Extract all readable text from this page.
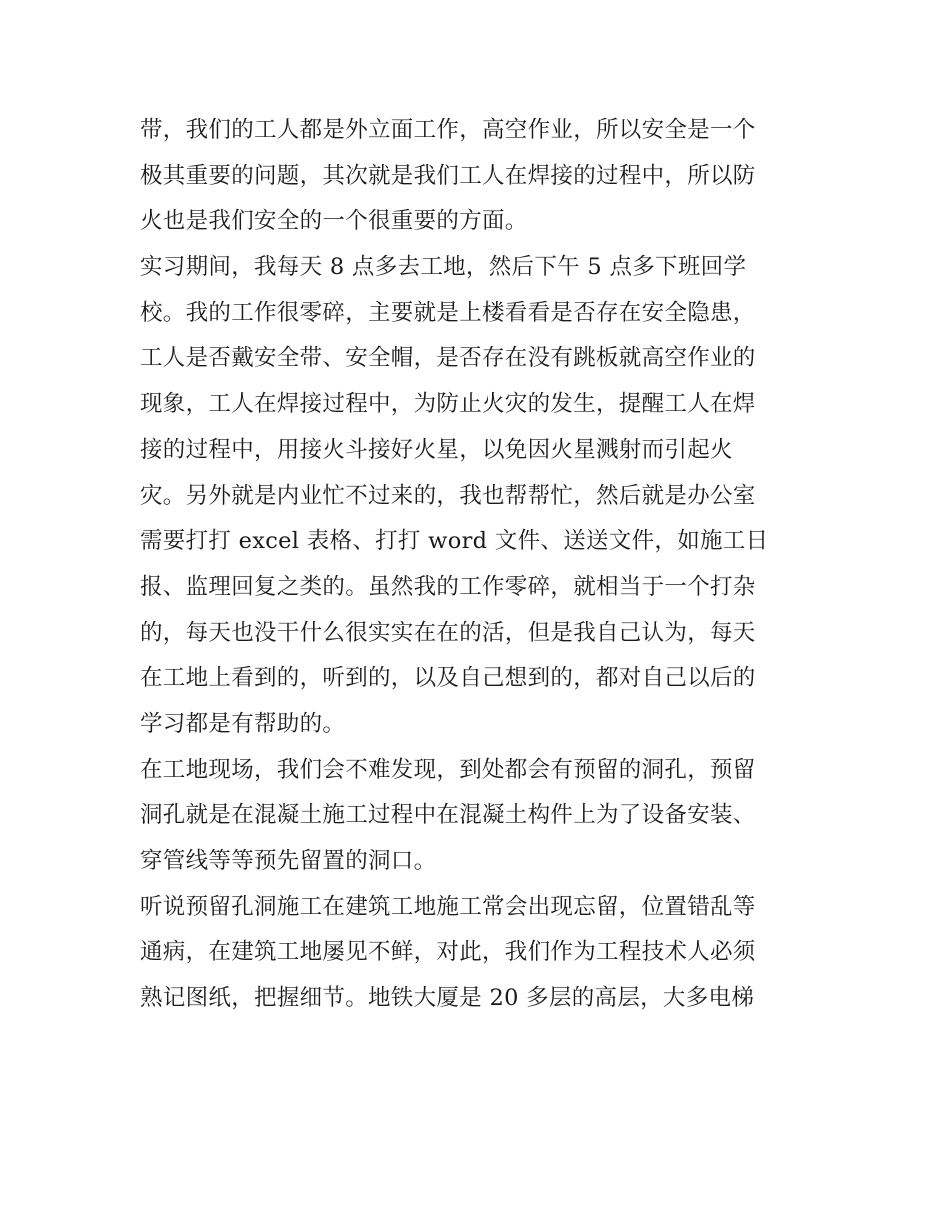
带，我们的工人都是外立面工作，高空作业，所以安全是一个
极其重要的问题，其次就是我们工人在焊接的过程中，所以防
火也是我们安全的一个很重要的方面。
实习期间，我每天 8 点多去工地，然后下午 5 点多下班回学
校。我的工作很零碎，主要就是上楼看看是否存在安全隐患，
工人是否戴安全带、安全帽，是否存在没有跳板就高空作业的
现象，工人在焊接过程中，为防止火灾的发生，提醒工人在焊
接的过程中，用接火斗接好火星，以免因火星溅射而引起火
灾。另外就是内业忙不过来的，我也帮帮忙，然后就是办公室
需要打打 excel 表格、打打 word 文件、送送文件，如施工日
报、监理回复之类的。虽然我的工作零碎，就相当于一个打杂
的，每天也没干什么很实实在在的活，但是我自己认为，每天
在工地上看到的，听到的，以及自己想到的，都对自己以后的
学习都是有帮助的。
在工地现场，我们会不难发现，到处都会有预留的洞孔，预留
洞孔就是在混凝土施工过程中在混凝土构件上为了设备安装、
穿管线等等预先留置的洞口。
听说预留孔洞施工在建筑工地施工常会出现忘留，位置错乱等
通病，在建筑工地屡见不鲜，对此，我们作为工程技术人必须
熟记图纸，把握细节。地铁大厦是 20 多层的高层，大多电梯
